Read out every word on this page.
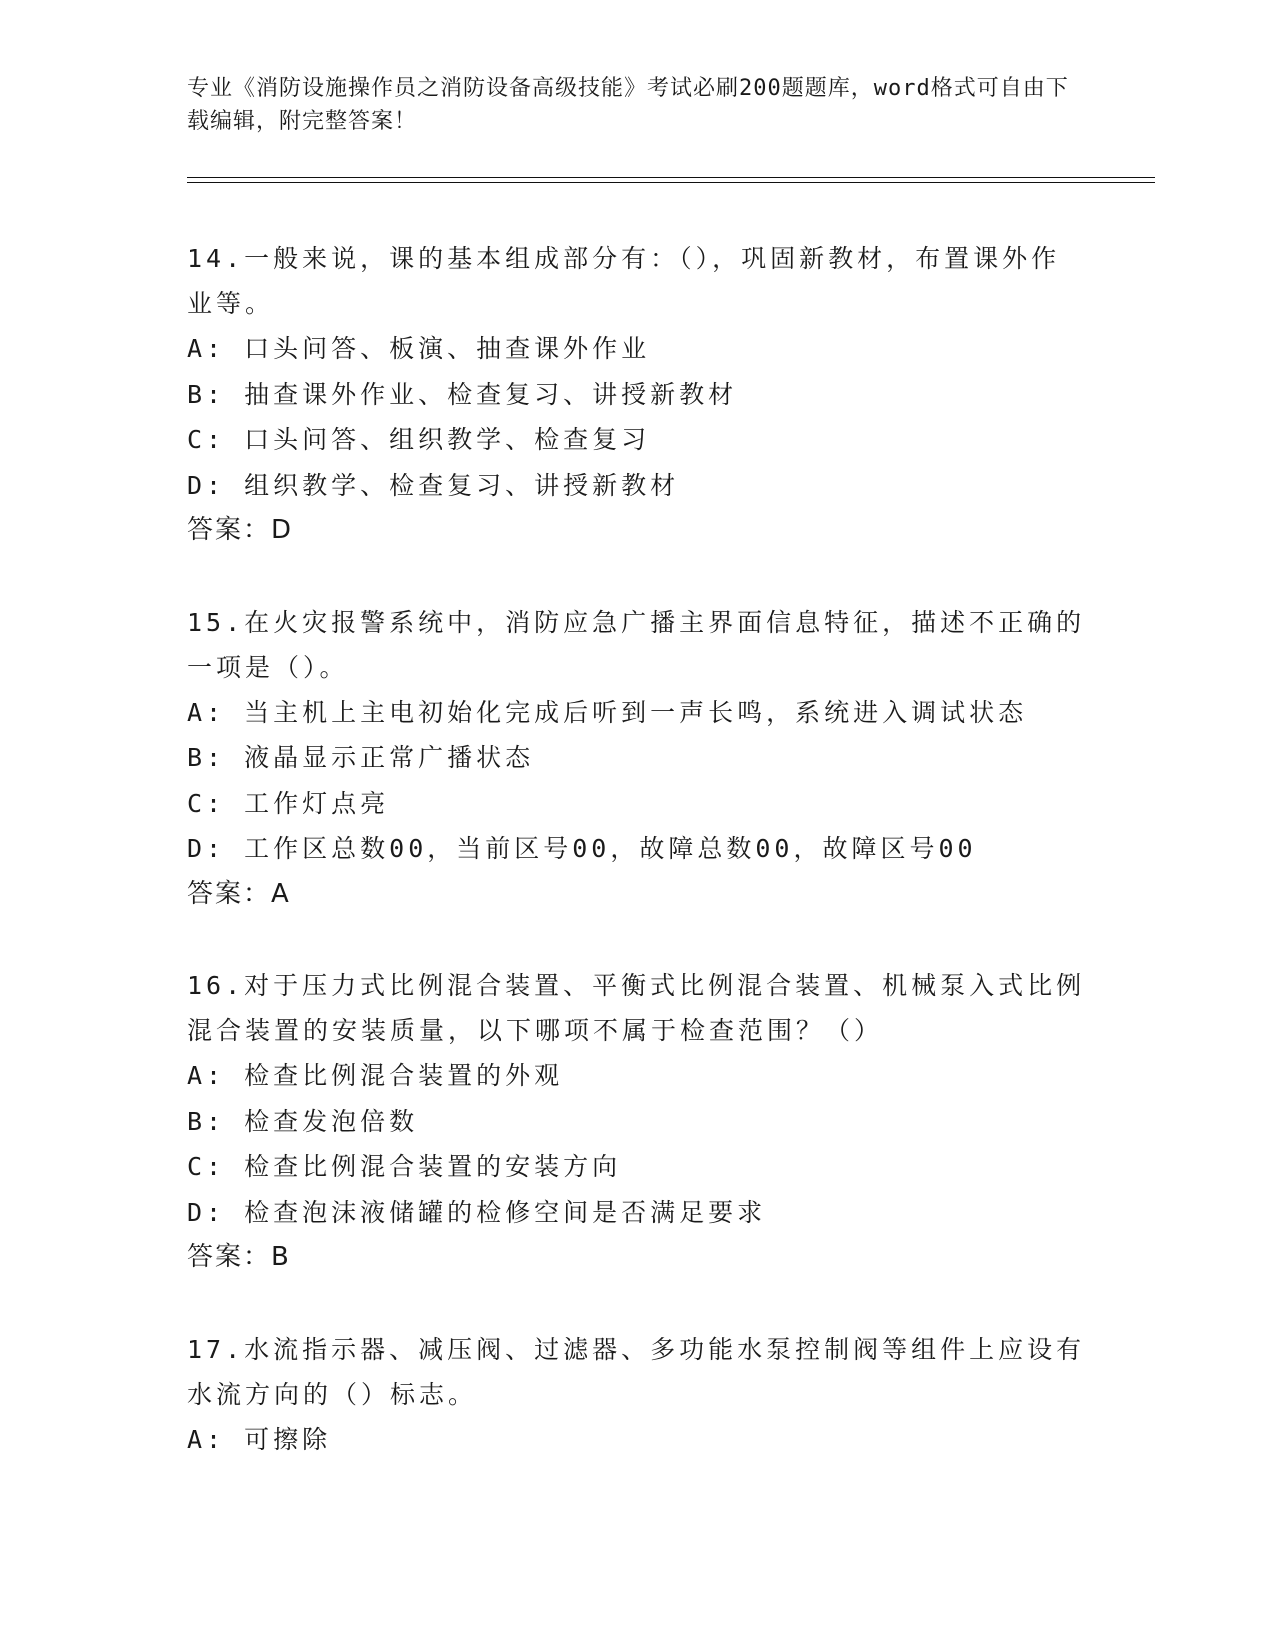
专业《消防设施操作员之消防设备高级技能》考试必刷200题题库，word格式可自由下载编辑，附完整答案！

14.一般来说，课的基本组成部分有：（），巩固新教材，布置课外作业等。

A: 口头问答、板演、抽查课外作业

B: 抽查课外作业、检查复习、讲授新教材

C: 口头问答、组织教学、检查复习

D: 组织教学、检查复习、讲授新教材

答案：D

15.在火灾报警系统中，消防应急广播主界面信息特征，描述不正确的一项是（）。

A: 当主机上主电初始化完成后听到一声长鸣，系统进入调试状态

B: 液晶显示正常广播状态

C: 工作灯点亮

D: 工作区总数00，当前区号00，故障总数00，故障区号00

答案：A

16.对于压力式比例混合装置、平衡式比例混合装置、机械泵入式比例混合装置的安装质量，以下哪项不属于检查范围？（）

A: 检查比例混合装置的外观

B: 检查发泡倍数

C: 检查比例混合装置的安装方向

D: 检查泡沫液储罐的检修空间是否满足要求

答案：B

17.水流指示器、减压阀、过滤器、多功能水泵控制阀等组件上应设有水流方向的（）标志。

A: 可擦除
